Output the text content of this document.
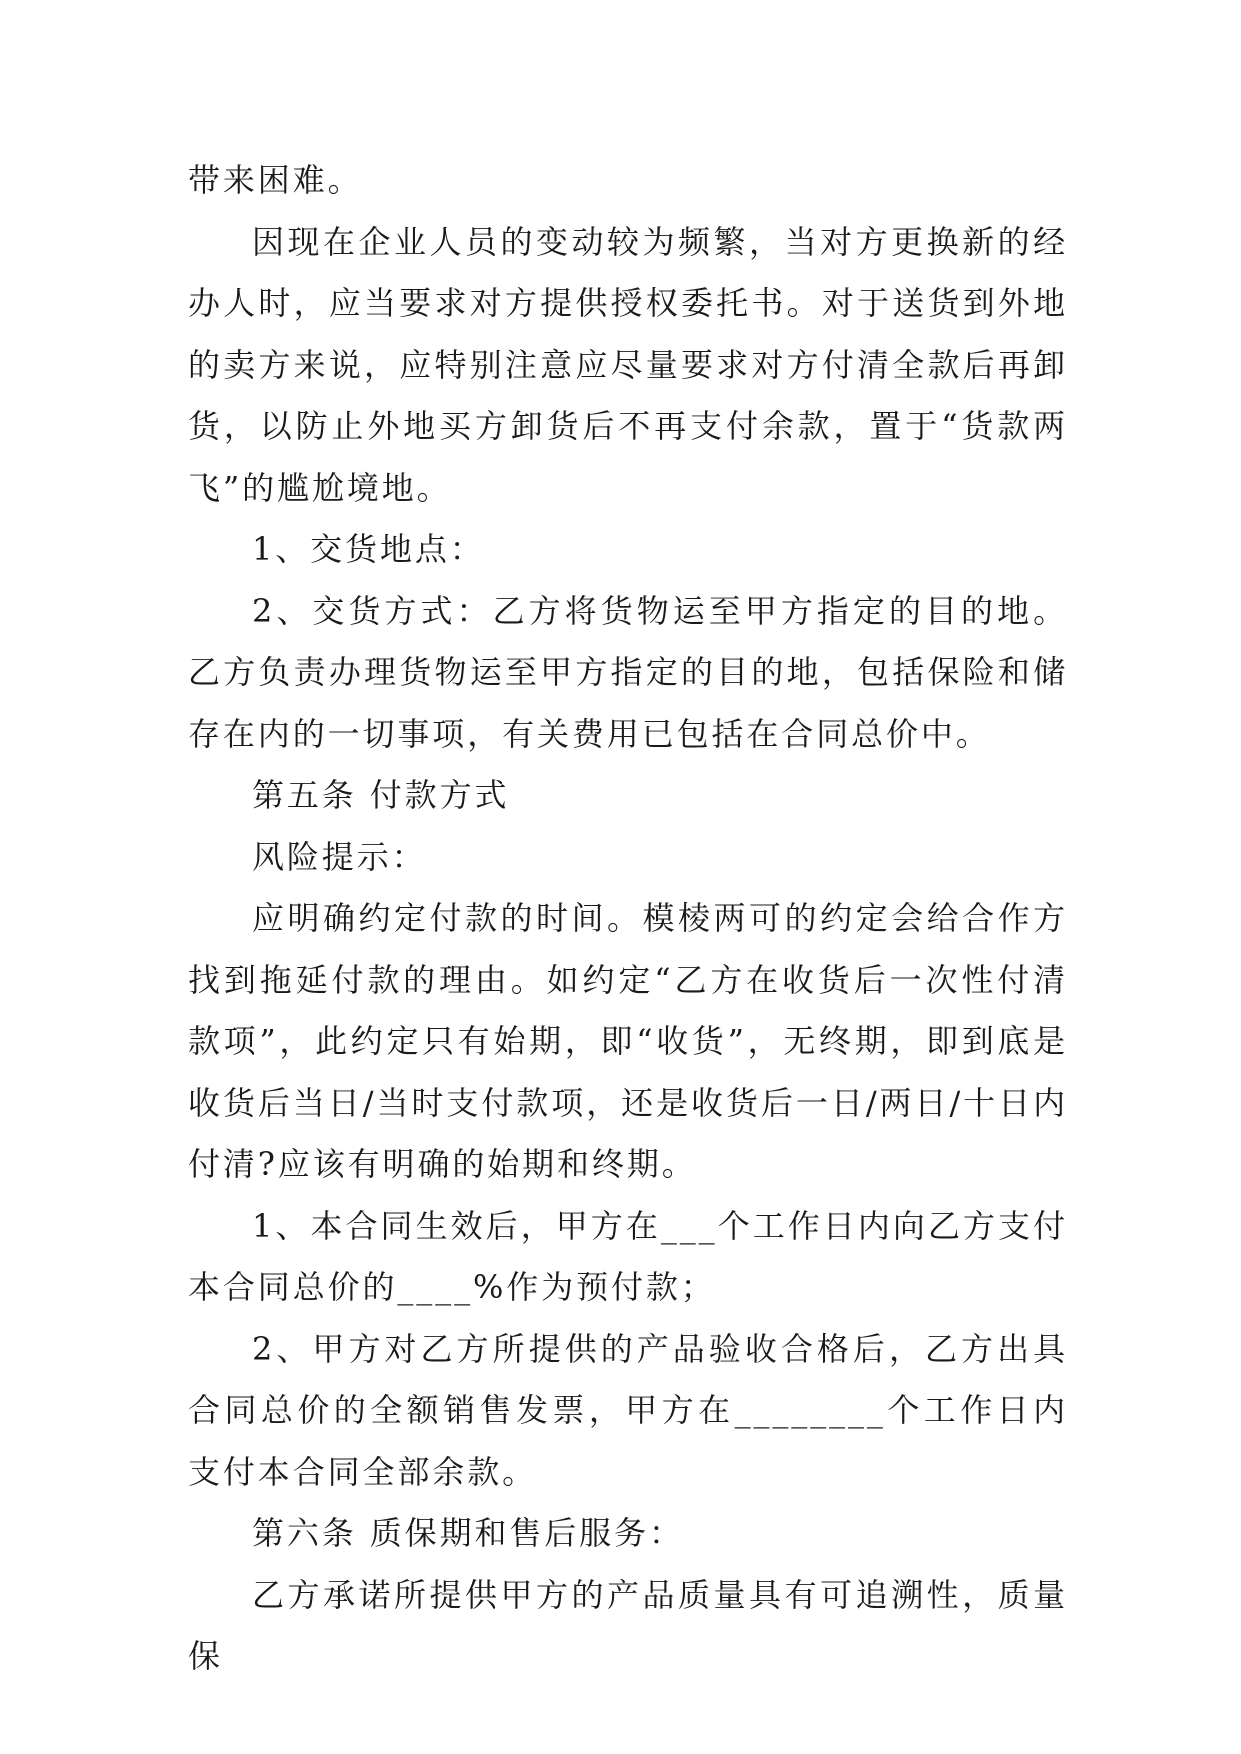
带来困难。

因现在企业人员的变动较为频繁，当对方更换新的经办人时，应当要求对方提供授权委托书。对于送货到外地的卖方来说，应特别注意应尽量要求对方付清全款后再卸货，以防止外地买方卸货后不再支付余款，置于“货款两飞”的尴尬境地。

1、交货地点：

2、交货方式：乙方将货物运至甲方指定的目的地。乙方负责办理货物运至甲方指定的目的地，包括保险和储存在内的一切事项，有关费用已包括在合同总价中。

第五条 付款方式

风险提示：

应明确约定付款的时间。模棱两可的约定会给合作方找到拖延付款的理由。如约定“乙方在收货后一次性付清款项”，此约定只有始期，即“收货”，无终期，即到底是收货后当日/当时支付款项，还是收货后一日/两日/十日内付清?应该有明确的始期和终期。

1、本合同生效后，甲方在___个工作日内向乙方支付本合同总价的____%作为预付款；

2、甲方对乙方所提供的产品验收合格后，乙方出具合同总价的全额销售发票，甲方在________个工作日内支付本合同全部余款。

第六条 质保期和售后服务：

乙方承诺所提供甲方的产品质量具有可追溯性，质量保
